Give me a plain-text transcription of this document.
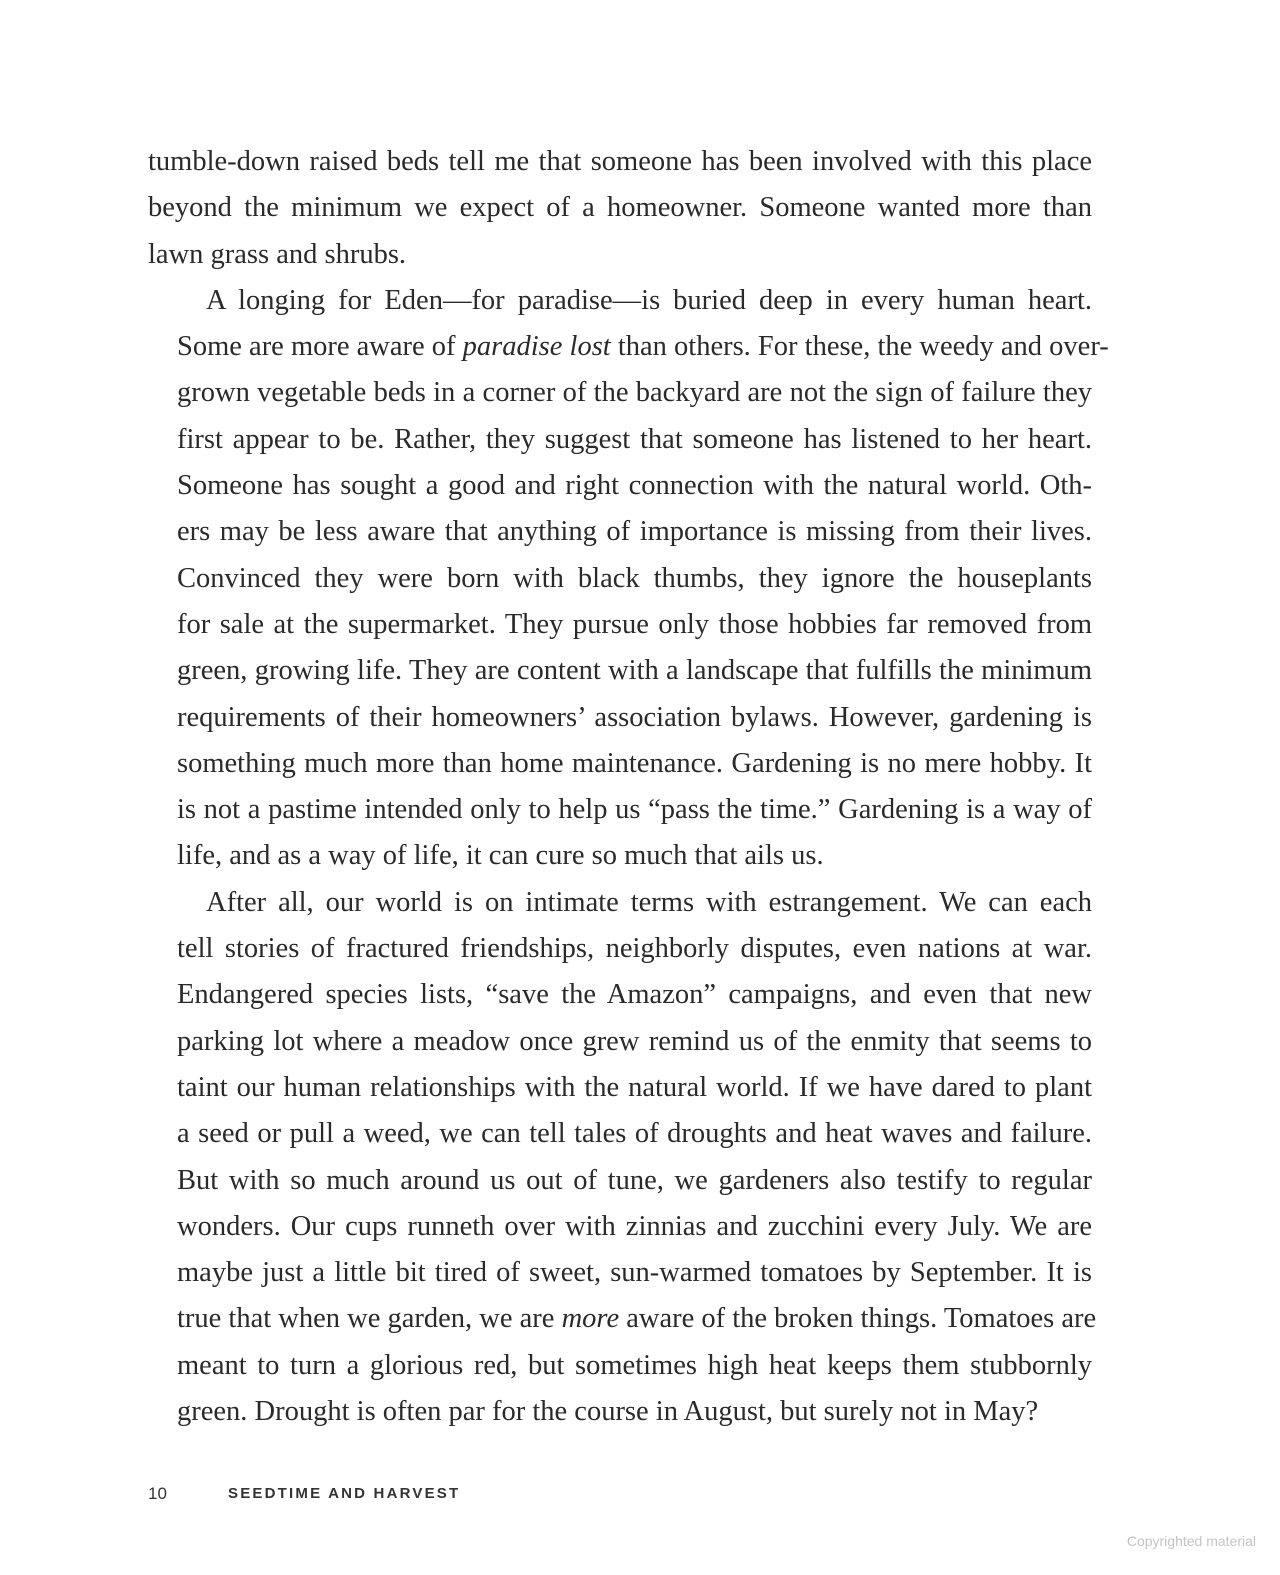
tumble-down raised beds tell me that someone has been involved with this place
beyond the minimum we expect of a homeowner. Someone wanted more than
lawn grass and shrubs.

A longing for Eden—for paradise—is buried deep in every human heart.
Some are more aware of paradise lost than others. For these, the weedy and over-
grown vegetable beds in a corner of the backyard are not the sign of failure they
first appear to be. Rather, they suggest that someone has listened to her heart.
Someone has sought a good and right connection with the natural world. Oth-
ers may be less aware that anything of importance is missing from their lives.
Convinced they were born with black thumbs, they ignore the houseplants
for sale at the supermarket. They pursue only those hobbies far removed from
green, growing life. They are content with a landscape that fulfills the minimum
requirements of their homeowners’ association bylaws. However, gardening is
something much more than home maintenance. Gardening is no mere hobby. It
is not a pastime intended only to help us “pass the time.” Gardening is a way of
life, and as a way of life, it can cure so much that ails us.

After all, our world is on intimate terms with estrangement. We can each
tell stories of fractured friendships, neighborly disputes, even nations at war.
Endangered species lists, “save the Amazon” campaigns, and even that new
parking lot where a meadow once grew remind us of the enmity that seems to
taint our human relationships with the natural world. If we have dared to plant
a seed or pull a weed, we can tell tales of droughts and heat waves and failure.
But with so much around us out of tune, we gardeners also testify to regular
wonders. Our cups runneth over with zinnias and zucchini every July. We are
maybe just a little bit tired of sweet, sun-warmed tomatoes by September. It is
true that when we garden, we are more aware of the broken things. Tomatoes are
meant to turn a glorious red, but sometimes high heat keeps them stubbornly
green. Drought is often par for the course in August, but surely not in May?

10	SEEDTIME AND HARVEST
Copyrighted material
